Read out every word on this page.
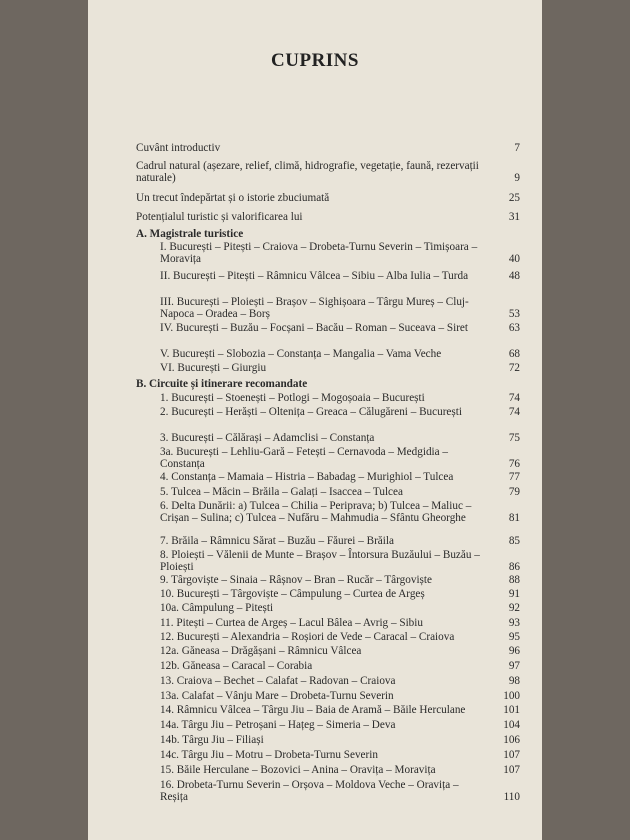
CUPRINS
Cuvânt introductiv	7
Cadrul natural (așezare, relief, climă, hidrografie, vegetație, faună, rezervații naturale)	9
Un trecut îndepărtat și o istorie zbuciumată	25
Potențialul turistic și valorificarea lui	31
A. Magistrale turistice
I. București – Pitești – Craiova – Drobeta-Turnu Severin – Timișoara – Moravița	40
II. București – Pitești – Râmnicu Vâlcea – Sibiu – Alba Iulia – Turda	48
III. București – Ploiești – Brașov – Sighișoara – Târgu Mureș – Cluj-Napoca – Oradea – Borș	53
IV. București – Buzău – Focșani – Bacău – Roman – Suceava – Siret	63
V. București – Slobozia – Constanța – Mangalia – Vama Veche	68
VI. București – Giurgiu	72
B. Circuite și itinerare recomandate
1. București – Stoenești – Potlogi – Mogoșoaia – București	74
2. București – Herăști – Oltenița – Greaca – Călugăreni – București	74
3. București – Călărași – Adamclisi – Constanța	75
3a. București – Lehliu-Gară – Fetești – Cernavoda – Medgidia – Constanța	76
4. Constanța – Mamaia – Histria – Babadag – Murighiol – Tulcea	77
5. Tulcea – Măcin – Brăila – Galați – Isaccea – Tulcea	79
6. Delta Dunării: a) Tulcea – Chilia – Periprava; b) Tulcea – Maliuc – Crișan – Sulina; c) Tulcea – Nufăru – Mahmudia – Sfântu Gheorghe	81
7. Brăila – Râmnicu Sărat – Buzău – Făurei – Brăila	85
8. Ploiești – Vălenii de Munte – Brașov – Întorsura Buzăului – Buzău – Ploiești	86
9. Târgoviște – Sinaia – Râșnov – Bran – Rucăr – Târgoviște	88
10. București – Târgoviște – Câmpulung – Curtea de Argeș	91
10a. Câmpulung – Pitești	92
11. Pitești – Curtea de Argeș – Lacul Bâlea – Avrig – Sibiu	93
12. București – Alexandria – Roșiori de Vede – Caracal – Craiova	95
12a. Găneasa – Drăgășani – Râmnicu Vâlcea	96
12b. Găneasa – Caracal – Corabia	97
13. Craiova – Bechet – Calafat – Radovan – Craiova	98
13a. Calafat – Vânju Mare – Drobeta-Turnu Severin	100
14. Râmnicu Vâlcea – Târgu Jiu – Baia de Aramă – Băile Herculane	101
14a. Târgu Jiu – Petroșani – Hațeg – Simeria – Deva	104
14b. Târgu Jiu – Filiași	106
14c. Târgu Jiu – Motru – Drobeta-Turnu Severin	107
15. Băile Herculane – Bozovici – Anina – Oravița – Moravița	107
16. Drobeta-Turnu Severin – Orșova – Moldova Veche – Oravița – Reșița	110
